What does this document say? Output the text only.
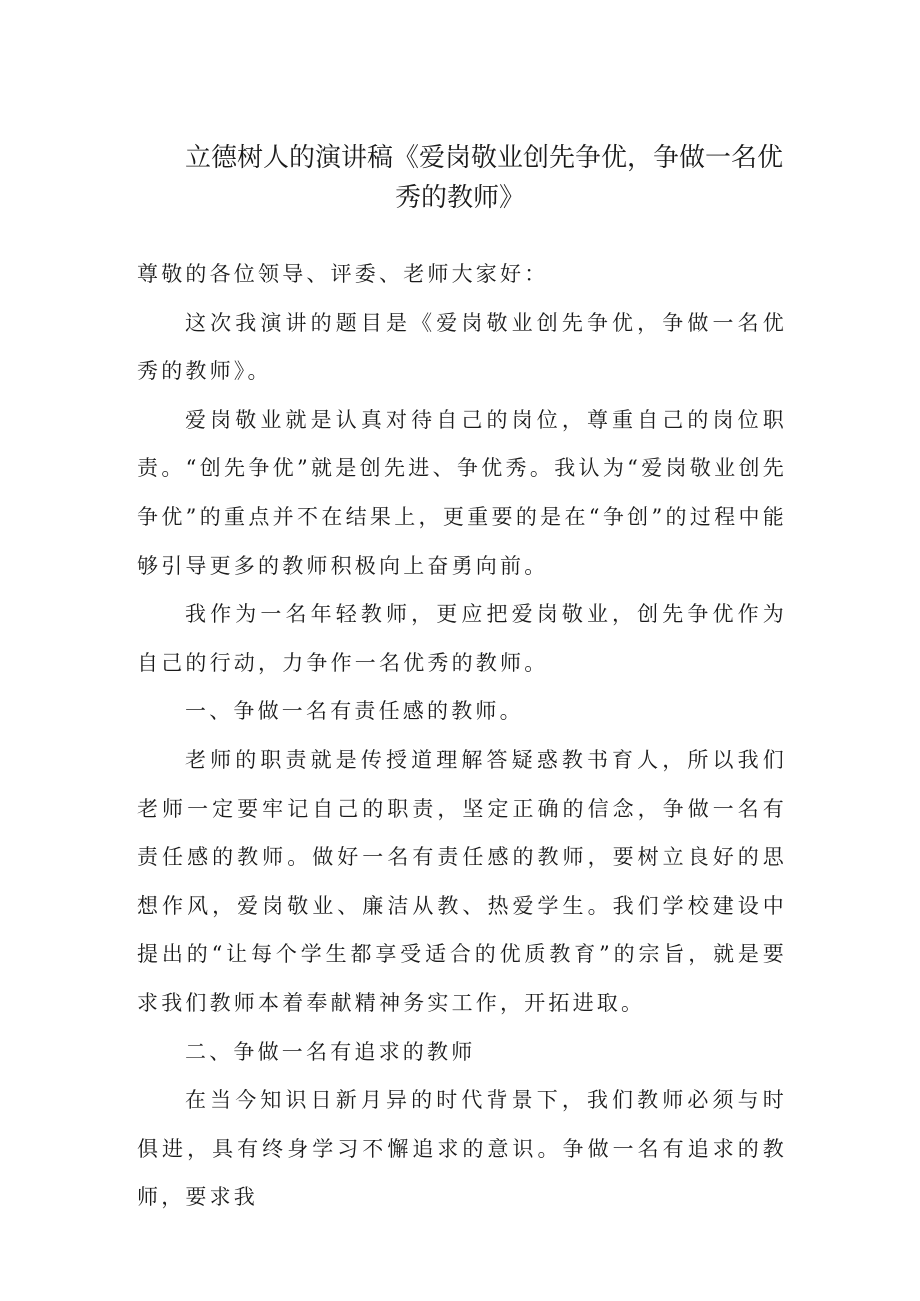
立德树人的演讲稿《爱岗敬业创先争优，争做一名优
秀的教师》

尊敬的各位领导、评委、老师大家好：

这次我演讲的题目是《爱岗敬业创先争优，争做一名优秀的教师》。

爱岗敬业就是认真对待自己的岗位，尊重自己的岗位职责。“创先争优”就是创先进、争优秀。我认为“爱岗敬业创先争优”的重点并不在结果上，更重要的是在“争创”的过程中能够引导更多的教师积极向上奋勇向前。

我作为一名年轻教师，更应把爱岗敬业，创先争优作为自己的行动，力争作一名优秀的教师。

一、争做一名有责任感的教师。

老师的职责就是传授道理解答疑惑教书育人，所以我们老师一定要牢记自己的职责，坚定正确的信念，争做一名有责任感的教师。做好一名有责任感的教师，要树立良好的思想作风，爱岗敬业、廉洁从教、热爱学生。我们学校建设中提出的“让每个学生都享受适合的优质教育”的宗旨，就是要求我们教师本着奉献精神务实工作，开拓进取。

二、争做一名有追求的教师

在当今知识日新月异的时代背景下，我们教师必须与时俱进，具有终身学习不懈追求的意识。争做一名有追求的教师，要求我
